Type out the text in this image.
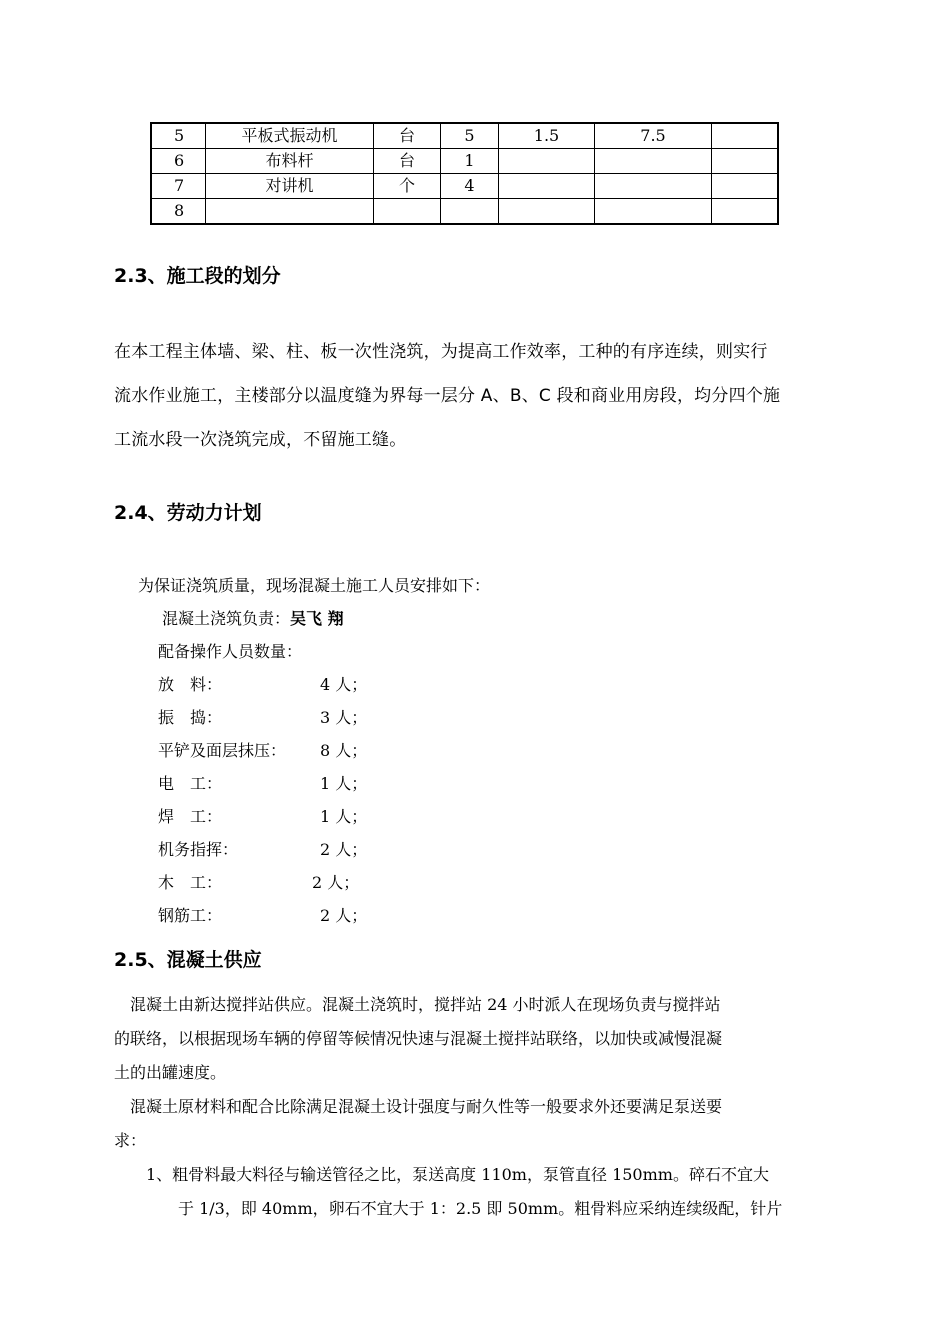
5	平板式振动机	台	5	1.5	7.5	
6	布料杆	台	1			
7	对讲机	个	4			
8						
2.3、施工段的划分
在本工程主体墙、梁、柱、板一次性浇筑，为提高工作效率，工种的有序连续，则实行
流水作业施工，主楼部分以温度缝为界每一层分 A、B、C 段和商业用房段，均分四个施
工流水段一次浇筑完成，不留施工缝。
2.4、劳动力计划
为保证浇筑质量，现场混凝土施工人员安排如下：
混凝土浇筑负责：吴飞 翔
配备操作人员数量：
放　料：	4 人；
振　捣：	3 人；
平铲及面层抹压： 8 人；
电　工：	1 人；
焊　工：	1 人；
机务指挥：	2 人；
木　工：	2 人；
钢筋工：	2 人；
2.5、混凝土供应
　混凝土由新达搅拌站供应。混凝土浇筑时，搅拌站 24 小时派人在现场负责与搅拌站
的联络，以根据现场车辆的停留等候情况快速与混凝土搅拌站联络，以加快或减慢混凝
土的出罐速度。
　混凝土原材料和配合比除满足混凝土设计强度与耐久性等一般要求外还要满足泵送要
求：
1、粗骨料最大料径与输送管径之比，泵送高度 110m，泵管直径 150mm。碎石不宜大
于 1/3，即 40mm，卵石不宜大于 1：2.5 即 50mm。粗骨料应采纳连续级配，针片
